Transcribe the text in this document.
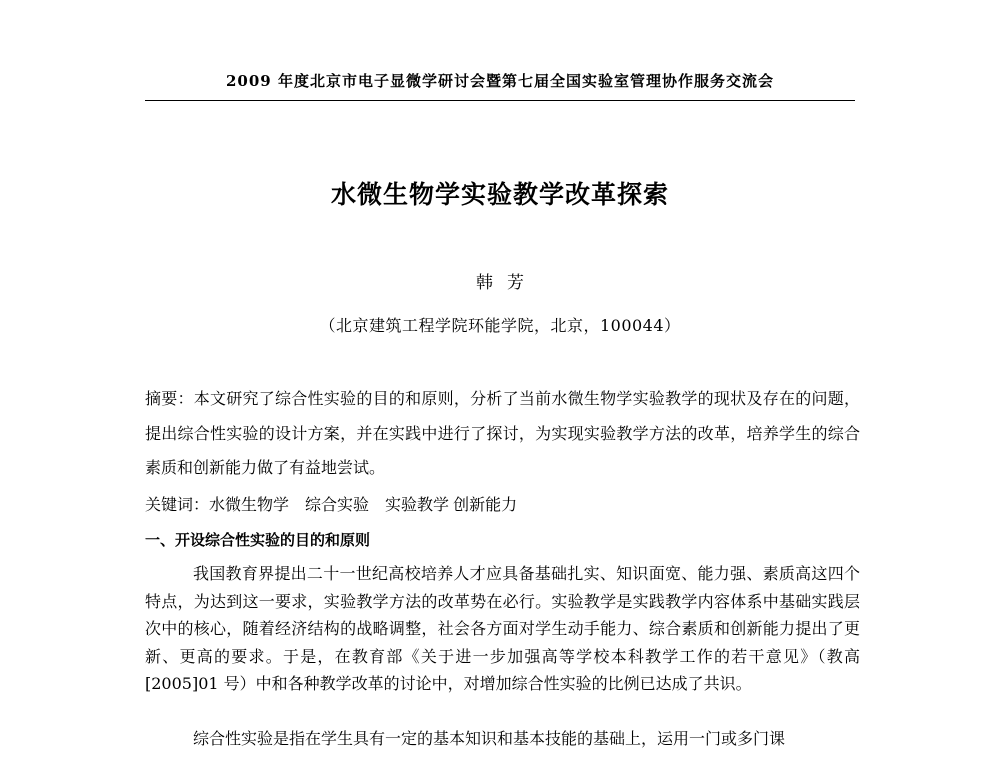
2009 年度北京市电子显微学研讨会暨第七届全国实验室管理协作服务交流会
水微生物学实验教学改革探索
韩芳
（北京建筑工程学院环能学院，北京，100044）
摘要：本文研究了综合性实验的目的和原则，分析了当前水微生物学实验教学的现状及存在的问题，提出综合性实验的设计方案，并在实践中进行了探讨，为实现实验教学方法的改革，培养学生的综合素质和创新能力做了有益地尝试。
关键词：水微生物学 综合实验 实验教学 创新能力
一、开设综合性实验的目的和原则
我国教育界提出二十一世纪高校培养人才应具备基础扎实、知识面宽、能力强、素质高这四个特点，为达到这一要求，实验教学方法的改革势在必行。实验教学是实践教学内容体系中基础实践层次中的核心，随着经济结构的战略调整，社会各方面对学生动手能力、综合素质和创新能力提出了更新、更高的要求。于是，在教育部《关于进一步加强高等学校本科教学工作的若干意见》（教高[2005]01 号）中和各种教学改革的讨论中，对增加综合性实验的比例已达成了共识。
综合性实验是指在学生具有一定的基本知识和基本技能的基础上，运用一门或多门课
